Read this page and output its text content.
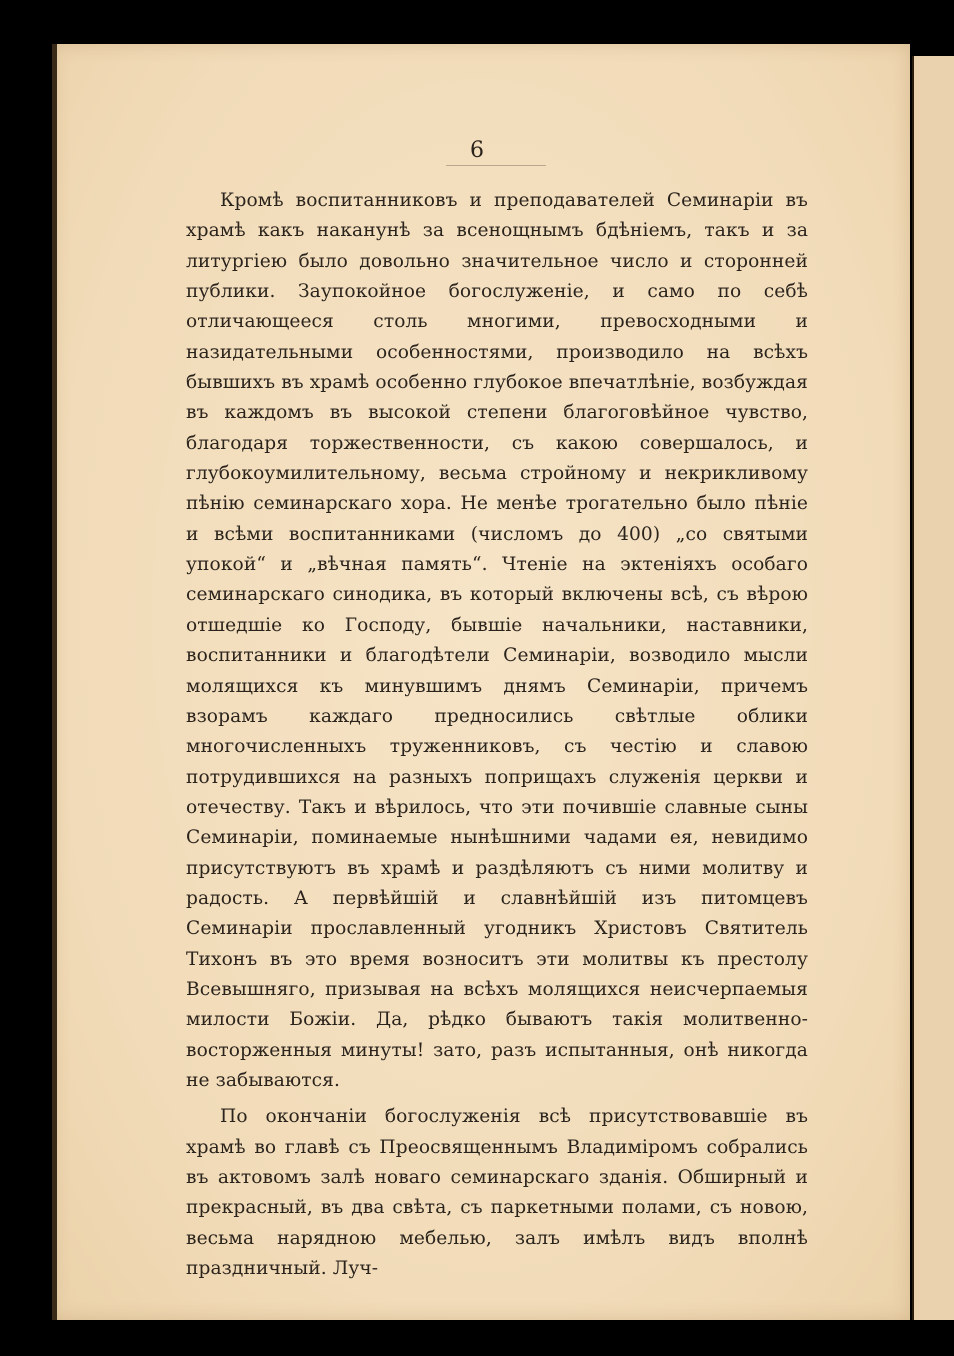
6

Кромѣ воспитанниковъ и преподавателей Семинаріи въ храмѣ какъ наканунѣ за всенощнымъ бдѣніемъ, такъ и за литургіею было довольно значительное число и сторонней публики. Заупокойное богослуженіе, и само по себѣ отличающееся столь многими, превосходными и назидательными особенностями, производило на всѣхъ бывшихъ въ храмѣ особенно глубокое впечатлѣніе, возбуждая въ каждомъ въ высокой степени благоговѣйное чувство, благодаря торжественности, съ какою совершалось, и глубокоумилительному, весьма стройному и некрикливому пѣнію семинарскаго хора. Не менѣе трогательно было пѣніе и всѣми воспитанниками (числомъ до 400) „со святыми упокой“ и „вѣчная память“. Чтеніе на эктеніяхъ особаго семинарскаго синодика, въ который включены всѣ, съ вѣрою отшедшіе ко Господу, бывшіе начальники, наставники, воспитанники и благодѣтели Семинаріи, возводило мысли молящихся къ минувшимъ днямъ Семинаріи, причемъ взорамъ каждаго предносились свѣтлые облики многочисленныхъ труженниковъ, съ честію и славою потрудившихся на разныхъ поприщахъ служенія церкви и отечеству. Такъ и вѣрилось, что эти почившіе славные сыны Семинаріи, поминаемые нынѣшними чадами ея, невидимо присутствуютъ въ храмѣ и раздѣляютъ съ ними молитву и радость. А первѣйшій и славнѣйшій изъ питомцевъ Семинаріи прославленный угодникъ Христовъ Святитель Тихонъ въ это время возноситъ эти молитвы къ престолу Всевышняго, призывая на всѣхъ молящихся неисчерпаемыя милости Божіи. Да, рѣдко бываютъ такія молитвенно-восторженныя минуты! зато, разъ испытанныя, онѣ никогда не забываются.

По окончаніи богослуженія всѣ присутствовавшіе въ храмѣ во главѣ съ Преосвященнымъ Владиміромъ собрались въ актовомъ залѣ новаго семинарскаго зданія. Обширный и прекрасный, въ два свѣта, съ паркетными полами, съ новою, весьма нарядною мебелью, залъ имѣлъ видъ вполнѣ праздничный. Луч-
